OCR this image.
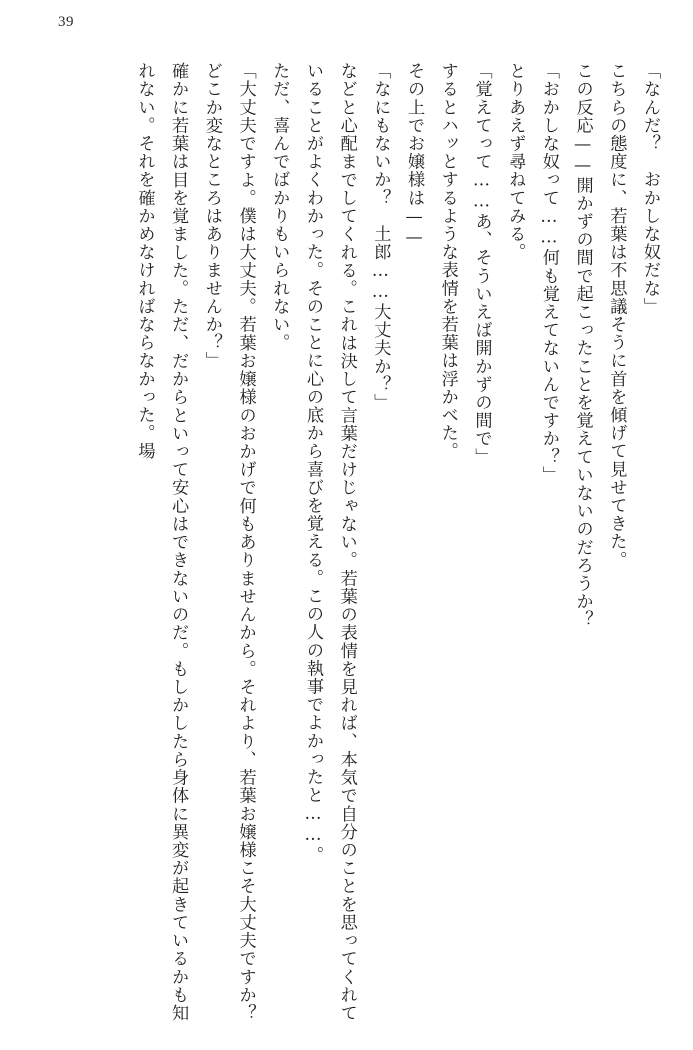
39

「なんだ？　おかしな奴だな」

こちらの態度に、若葉は不思議そうに首を傾げて見せてきた。

この反応——開かずの間で起こったことを覚えていないのだろうか？

「おかしな奴って……何も覚えてないんですか？」

とりあえず尋ねてみる。

「覚えてって……あ、そういえば開かずの間で」

するとハッとするような表情を若葉は浮かべた。

その上でお嬢様は——

「なにもないか？　土郎……大丈夫か？」

などと心配までしてくれる。これは決して言葉だけじゃない。若葉の表情を見れば、本気で自分のことを思ってくれていることがよくわかった。そのことに心の底から喜びを覚える。この人の執事でよかったと……。

ただ、喜んでばかりもいられない。

「大丈夫ですよ。僕は大丈夫。若葉お嬢様のおかげで何もありませんから。それより、若葉お嬢様こそ大丈夫ですか？　どこか変なところはありませんか？」

確かに若葉は目を覚ました。ただ、だからといって安心はできないのだ。もしかしたら身体に異変が起きているかも知れない。それを確かめなければならなかった。場
